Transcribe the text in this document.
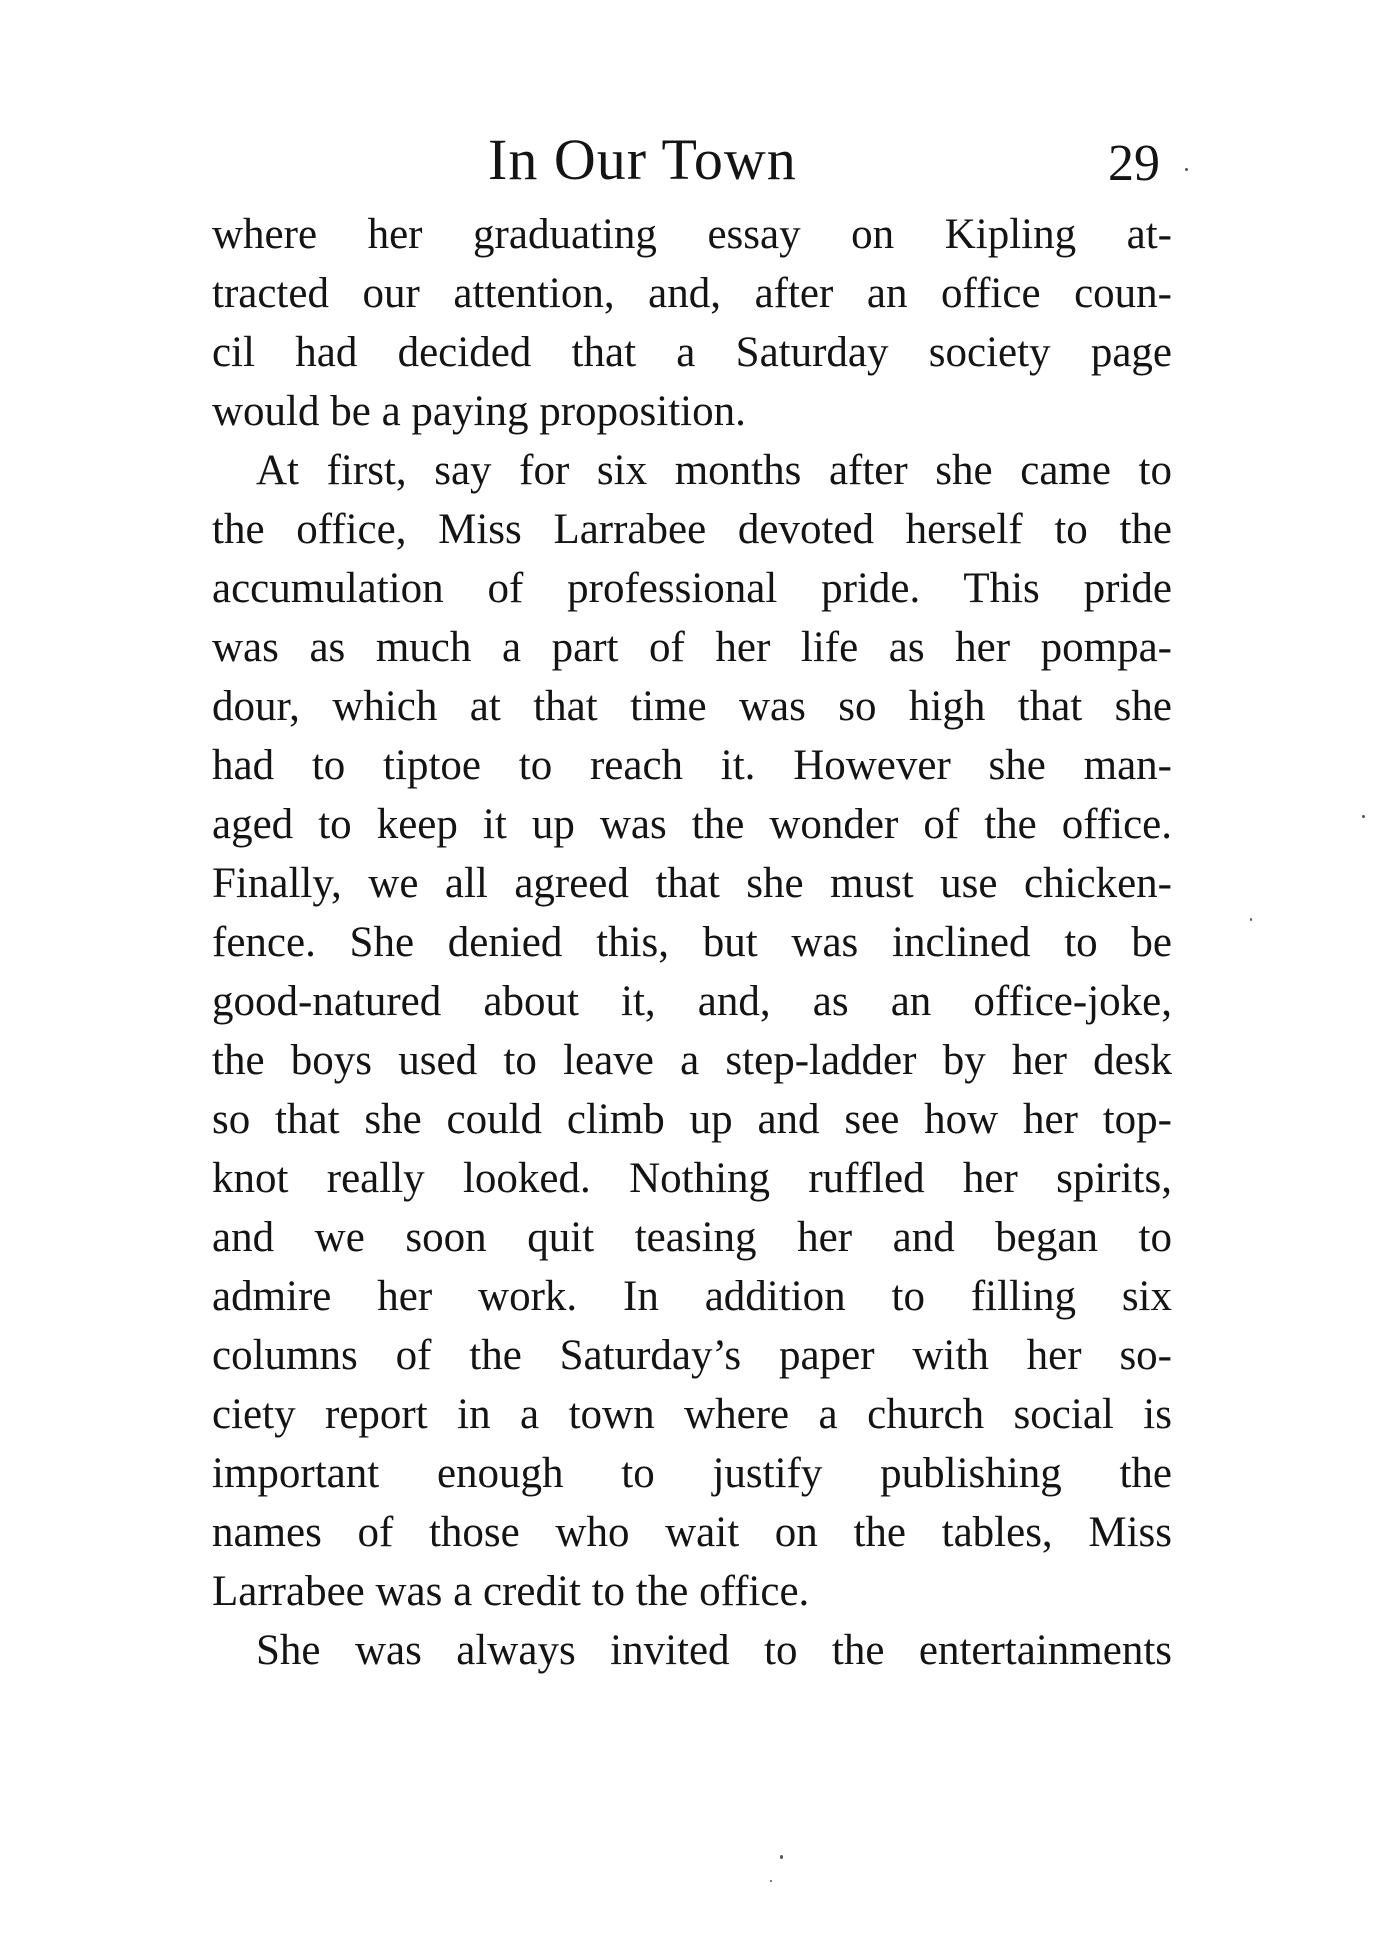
In Our Town	29
where her graduating essay on Kipling at-
tracted our attention, and, after an office coun-
cil had decided that a Saturday society page
would be a paying proposition.
At first, say for six months after she came to
the office, Miss Larrabee devoted herself to the
accumulation of professional pride. This pride
was as much a part of her life as her pompa-
dour, which at that time was so high that she
had to tiptoe to reach it. However she man-
aged to keep it up was the wonder of the office.
Finally, we all agreed that she must use chicken-
fence. She denied this, but was inclined to be
good-natured about it, and, as an office-joke,
the boys used to leave a step-ladder by her desk
so that she could climb up and see how her top-
knot really looked. Nothing ruffled her spirits,
and we soon quit teasing her and began to
admire her work. In addition to filling six
columns of the Saturday’s paper with her so-
ciety report in a town where a church social is
important enough to justify publishing the
names of those who wait on the tables, Miss
Larrabee was a credit to the office.
She was always invited to the entertainments
